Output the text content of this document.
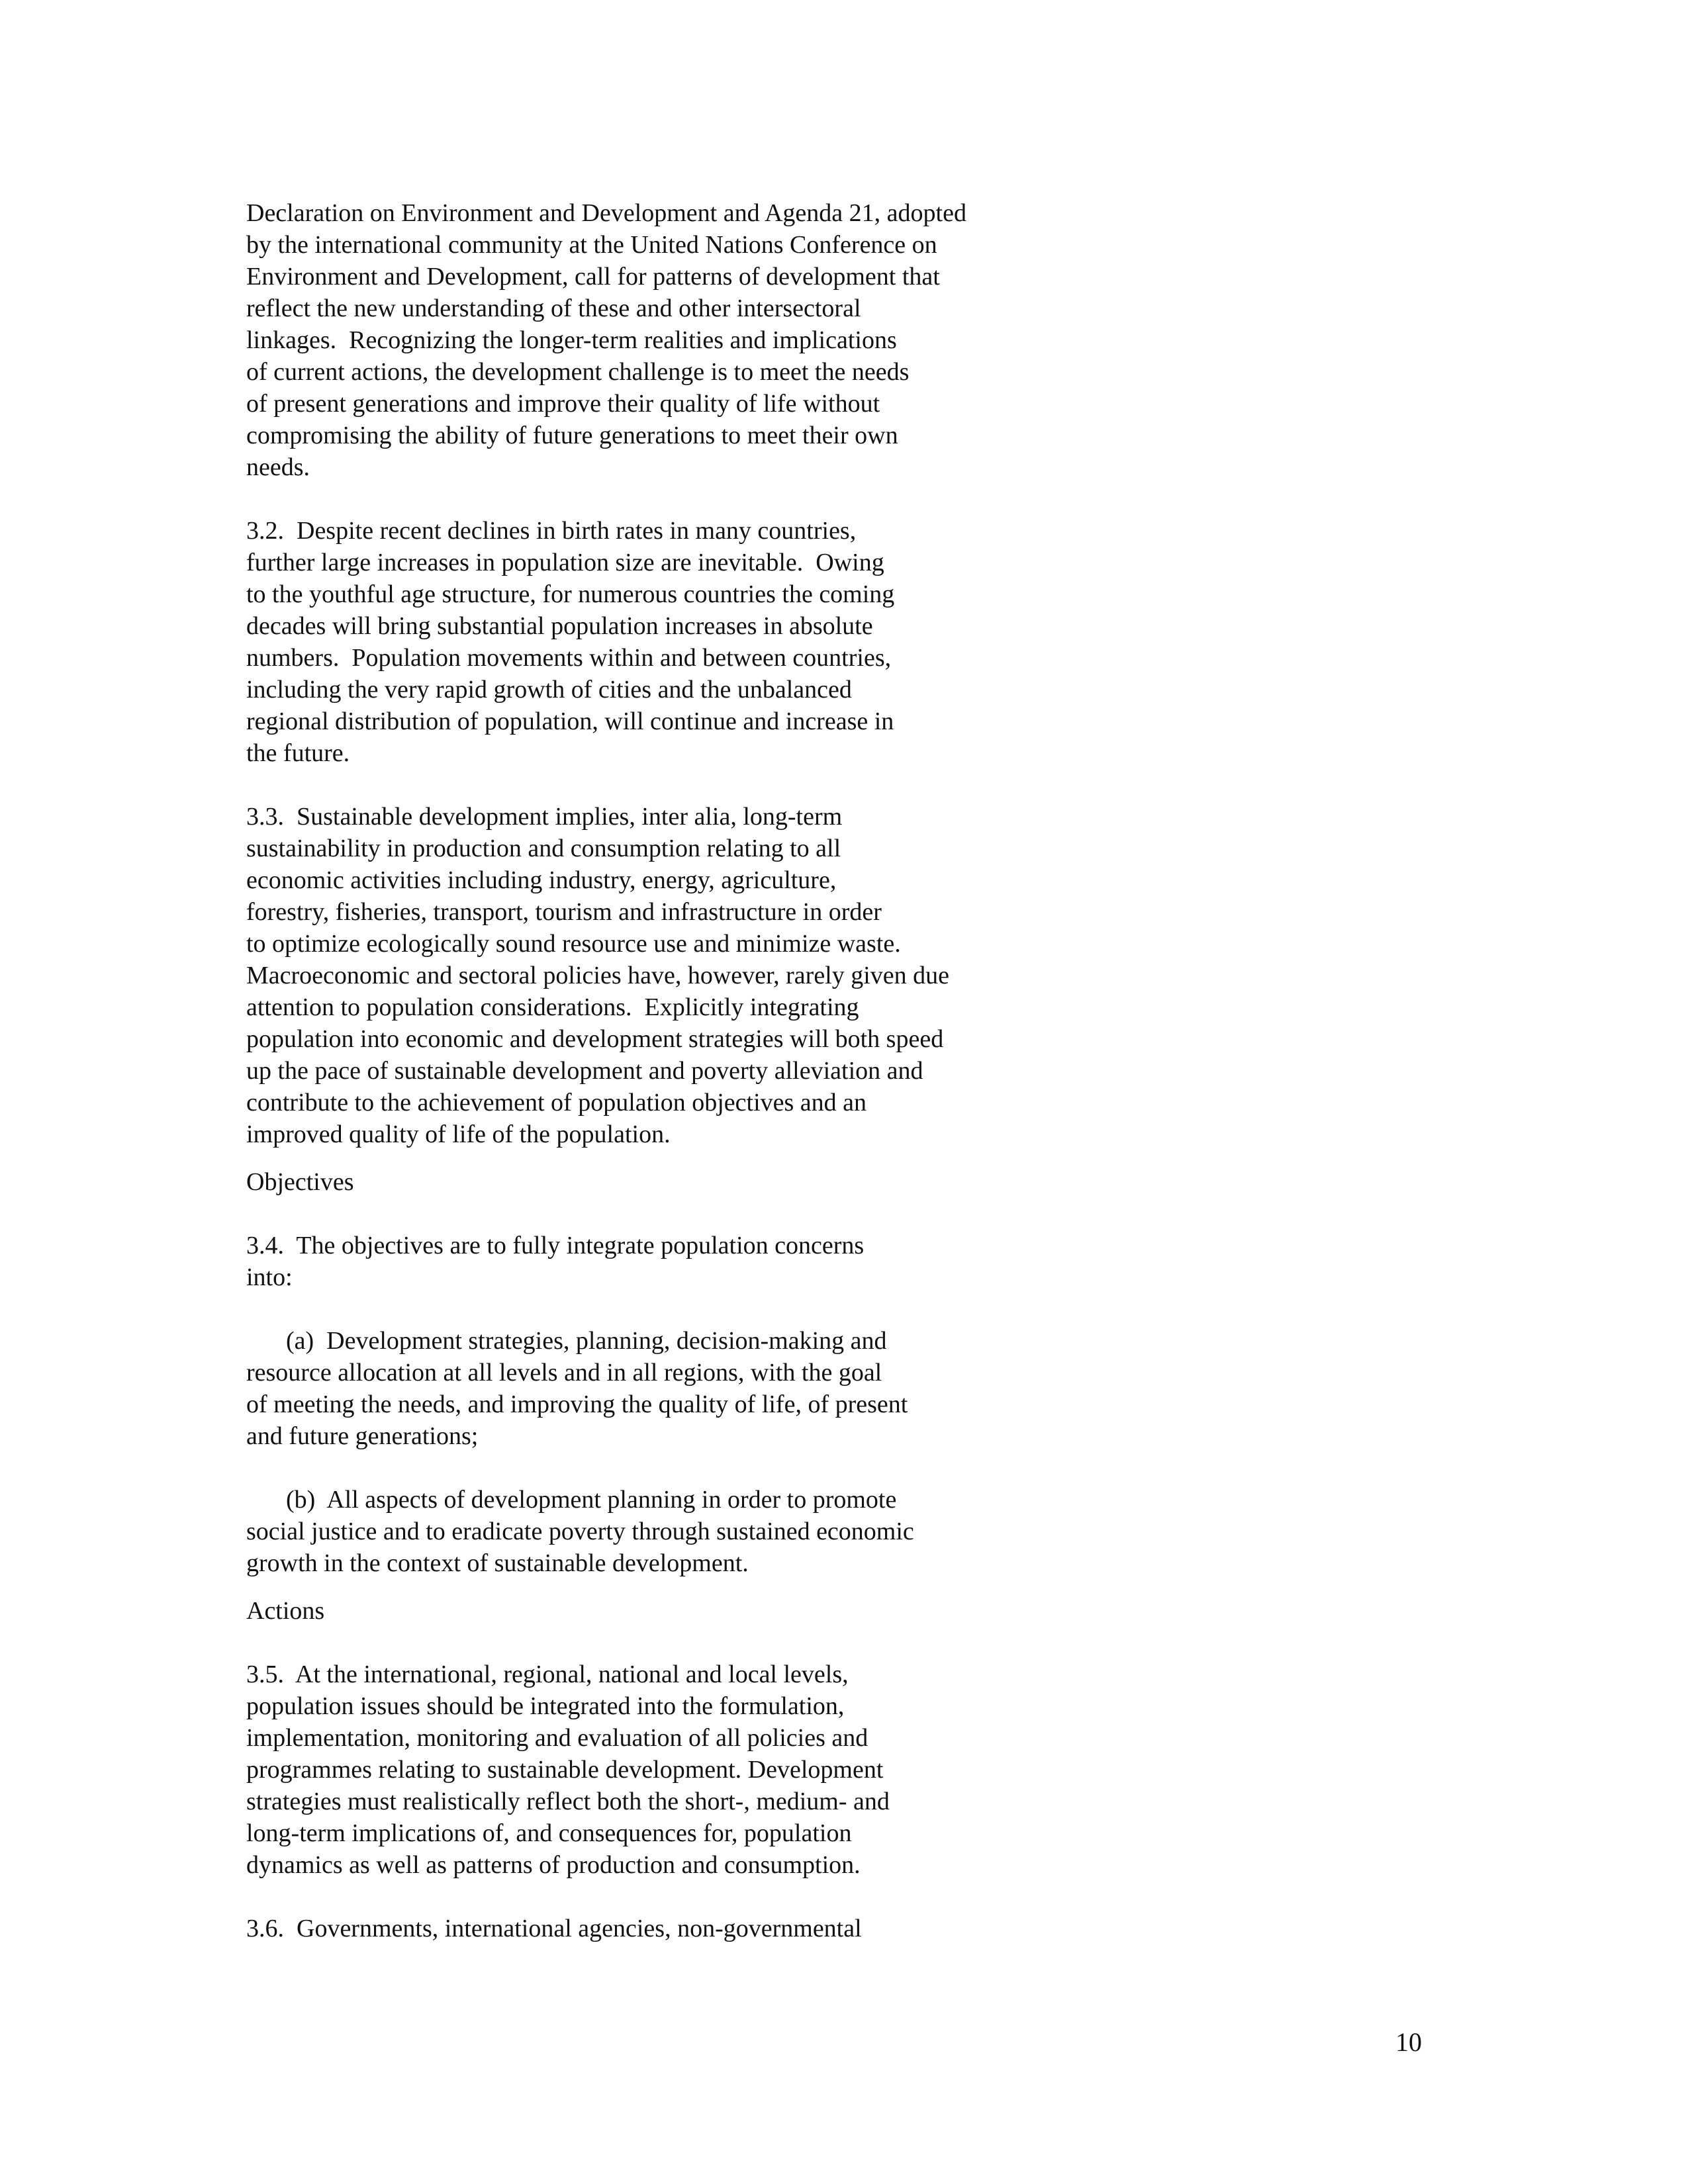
Declaration on Environment and Development and Agenda 21, adopted
by the international community at the United Nations Conference on
Environment and Development, call for patterns of development that
reflect the new understanding of these and other intersectoral
linkages.  Recognizing the longer-term realities and implications
of current actions, the development challenge is to meet the needs
of present generations and improve their quality of life without
compromising the ability of future generations to meet their own
needs.
3.2.  Despite recent declines in birth rates in many countries,
further large increases in population size are inevitable.  Owing
to the youthful age structure, for numerous countries the coming
decades will bring substantial population increases in absolute
numbers.  Population movements within and between countries,
including the very rapid growth of cities and the unbalanced
regional distribution of population, will continue and increase in
the future.
3.3.  Sustainable development implies, inter alia, long-term
sustainability in production and consumption relating to all
economic activities including industry, energy, agriculture,
forestry, fisheries, transport, tourism and infrastructure in order
to optimize ecologically sound resource use and minimize waste.
Macroeconomic and sectoral policies have, however, rarely given due
attention to population considerations.  Explicitly integrating
population into economic and development strategies will both speed
up the pace of sustainable development and poverty alleviation and
contribute to the achievement of population objectives and an
improved quality of life of the population.
Objectives
3.4.  The objectives are to fully integrate population concerns
into:
(a)  Development strategies, planning, decision-making and
resource allocation at all levels and in all regions, with the goal
of meeting the needs, and improving the quality of life, of present
and future generations;
(b)  All aspects of development planning in order to promote
social justice and to eradicate poverty through sustained economic
growth in the context of sustainable development.
Actions
3.5.  At the international, regional, national and local levels,
population issues should be integrated into the formulation,
implementation, monitoring and evaluation of all policies and
programmes relating to sustainable development. Development
strategies must realistically reflect both the short-, medium- and
long-term implications of, and consequences for, population
dynamics as well as patterns of production and consumption.
3.6.  Governments, international agencies, non-governmental
10
